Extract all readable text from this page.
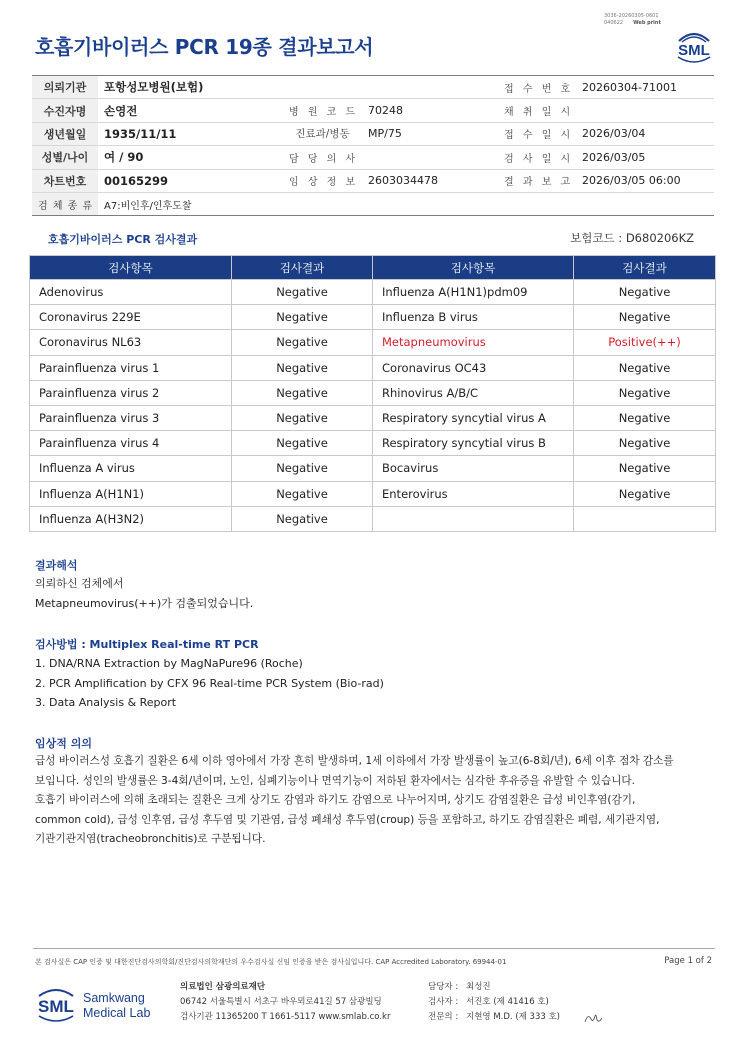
3036-20260305-0601
040622 Web print
호흡기바이러스 PCR 19종 결과보고서	SML
의뢰기관	포항성모병원(보험)			접 수 번 호	20260304-71001
수진자명	손영전	병 원 코 드	70248	채 취 일 시	
생년월일	1935/11/11	진료과/병동	MP/75	접 수 일 시	2026/03/04
성별/나이	여 / 90	담 당 의 사		검 사 일 시	2026/03/05
차트번호	00165299	임 상 정 보	2603034478	결 과 보 고	2026/03/05 06:00
검 체 종 류	A7:비인후/인후도찰				
호흡기바이러스 PCR 검사결과	보험코드 : D680206KZ
검사항목	검사결과	검사항목	검사결과
Adenovirus	Negative	Influenza A(H1N1)pdm09	Negative
Coronavirus 229E	Negative	Influenza B virus	Negative
Coronavirus NL63	Negative	Metapneumovirus	Positive(++)
Parainfluenza virus 1	Negative	Coronavirus OC43	Negative
Parainfluenza virus 2	Negative	Rhinovirus A/B/C	Negative
Parainfluenza virus 3	Negative	Respiratory syncytial virus A	Negative
Parainfluenza virus 4	Negative	Respiratory syncytial virus B	Negative
Influenza A virus	Negative	Bocavirus	Negative
Influenza A(H1N1)	Negative	Enterovirus	Negative
Influenza A(H3N2)	Negative		
결과해석
의뢰하신 검체에서
Metapneumovirus(++)가 검출되었습니다.
검사방법 : Multiplex Real-time RT PCR
1. DNA/RNA Extraction by MagNaPure96 (Roche)
2. PCR Amplification by CFX 96 Real-time PCR System (Bio-rad)
3. Data Analysis & Report
임상적 의의
급성 바이러스성 호흡기 질환은 6세 이하 영아에서 가장 흔히 발생하며, 1세 이하에서 가장 발생률이 높고(6-8회/년), 6세 이후 점차 감소를
보입니다. 성인의 발생률은 3-4회/년이며, 노인, 심폐기능이나 면역기능이 저하된 환자에서는 심각한 후유증을 유발할 수 있습니다.
호흡기 바이러스에 의해 초래되는 질환은 크게 상기도 감염과 하기도 감염으로 나누어지며, 상기도 감염질환은 급성 비인후염(감기,
common cold), 급성 인후염, 급성 후두염 및 기관염, 급성 폐쇄성 후두염(croup) 등을 포함하고, 하기도 감염질환은 폐렴, 세기관지염,
기관기관지염(tracheobronchitis)로 구분됩니다.
본 검사실은 CAP 인증 및 대한진단검사의학회/진단검사의학재단의 우수검사실 신임 인증을 받은 검사실입니다. CAP Accredited Laboratory. 69944-01	Page 1 of 2
SML Samkwang
Medical Lab
의료법인 삼광의료재단
06742 서울특별시 서초구 바우뫼로41길 57 삼광빌딩
검사기관 11365200 T 1661-5117 www.smlab.co.kr
담당자 : 최성진
검사자 : 서진호 (제 41416 호)
전문의 : 지현영 M.D. (제 333 호)
